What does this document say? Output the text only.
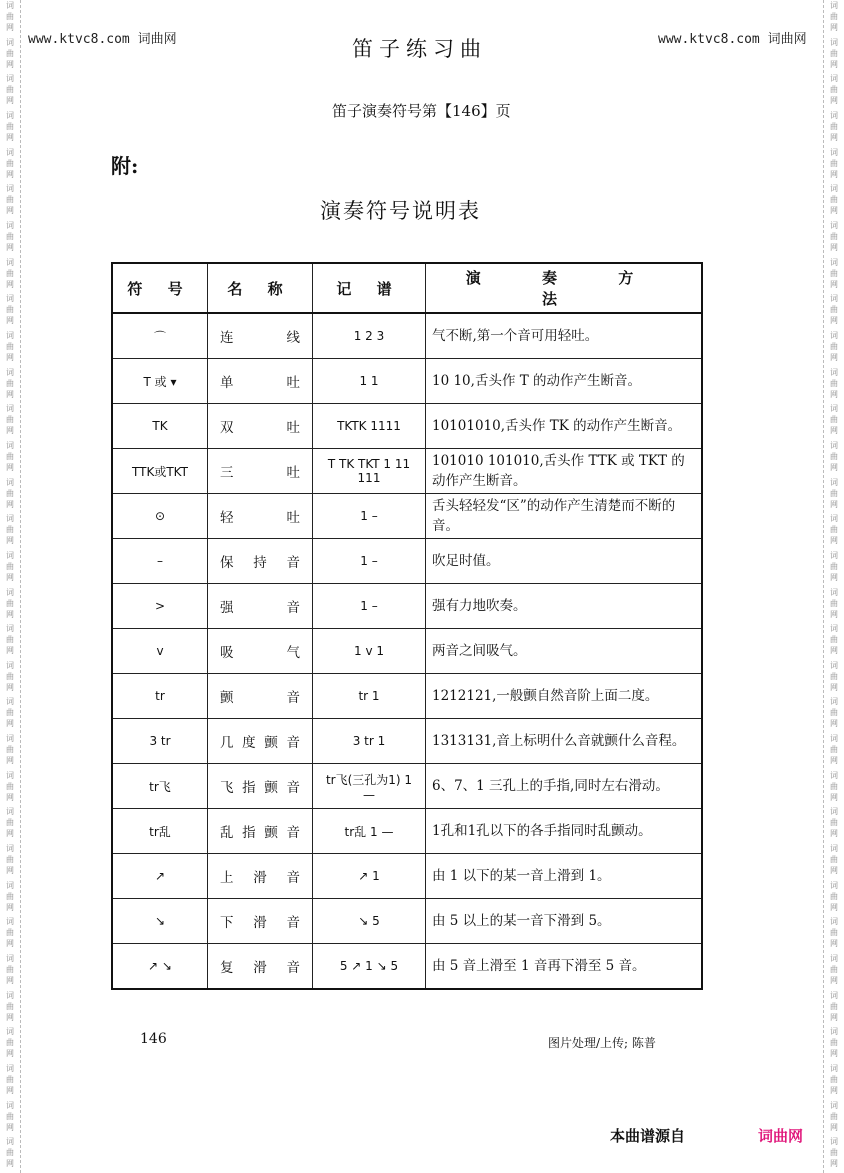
词
曲
网
词
曲
网
词
曲
网
词
曲
网
词
曲
网
词
曲
网
词
曲
网
词
曲
网
词
曲
网
词
曲
网
词
曲
网
词
曲
网
词
曲
网
词
曲
网
词
曲
网
词
曲
网
词
曲
网
词
曲
网
词
曲
网
词
曲
网
词
曲
网
词
曲
网
词
曲
网
词
曲
网
词
曲
网
词
曲
网
词
曲
网
词
曲
网
词
曲
网
词
曲
网
词
曲
网
词
曲
网
词
曲
网
词
曲
网
词
曲
网
词
曲
网
词
曲
网
词
曲
网
词
曲
网
词
曲
网
词
曲
网
词
曲
网
词
曲
网
词
曲
网
词
曲
网
词
曲
网
词
曲
网
词
曲
网
词
曲
网
词
曲
网
词
曲
网
词
曲
网
词
曲
网
词
曲
网
词
曲
网
词
曲
网
词
曲
网
词
曲
网
词
曲
网
词
曲
网
词
曲
网
词
曲
网
词
曲
网
词
曲
网
www.ktvc8.com 词曲网	笛子练习曲	www.ktvc8.com 词曲网
笛子演奏符号第【146】页
附:
演奏符号说明表
符 号	名 称	记 谱	演 奏 方 法
⌒	连线	1 2 3	气不断,第一个音可用轻吐。
T 或 ▾	单吐	1 1	10 10,舌头作 T 的动作产生断音。
TK	双吐	TKTK 1111	10101010,舌头作 TK 的动作产生断音。
TTK或TKT	三吐	T TK TKT 1 11 111	101010 101010,舌头作 TTK 或 TKT 的动作产生断音。
⊙	轻吐	1 –	舌头轻轻发“区”的动作产生清楚而不断的音。
–	保持音	1 –	吹足时值。
>	强音	1 –	强有力地吹奏。
v	吸气	1 v 1	两音之间吸气。
tr	颤音	tr 1	1212121,一般颤自然音阶上面二度。
3 tr	几度颤音	3 tr 1	1313131,音上标明什么音就颤什么音程。
tr飞	飞指颤音	tr飞(三孔为1) 1 —	6、7、1 三孔上的手指,同时左右滑动。
tr乱	乱指颤音	tr乱 1 —	1孔和1孔以下的各手指同时乱颤动。
↗	上滑音	↗ 1	由 1 以下的某一音上滑到 1。
↘	下滑音	↘ 5	由 5 以上的某一音下滑到 5。
↗ ↘	复滑音	5 ↗ 1 ↘ 5	由 5 音上滑至 1 音再下滑至 5 音。
146	图片处理/上传; 陈普
本曲谱源自	词曲网
